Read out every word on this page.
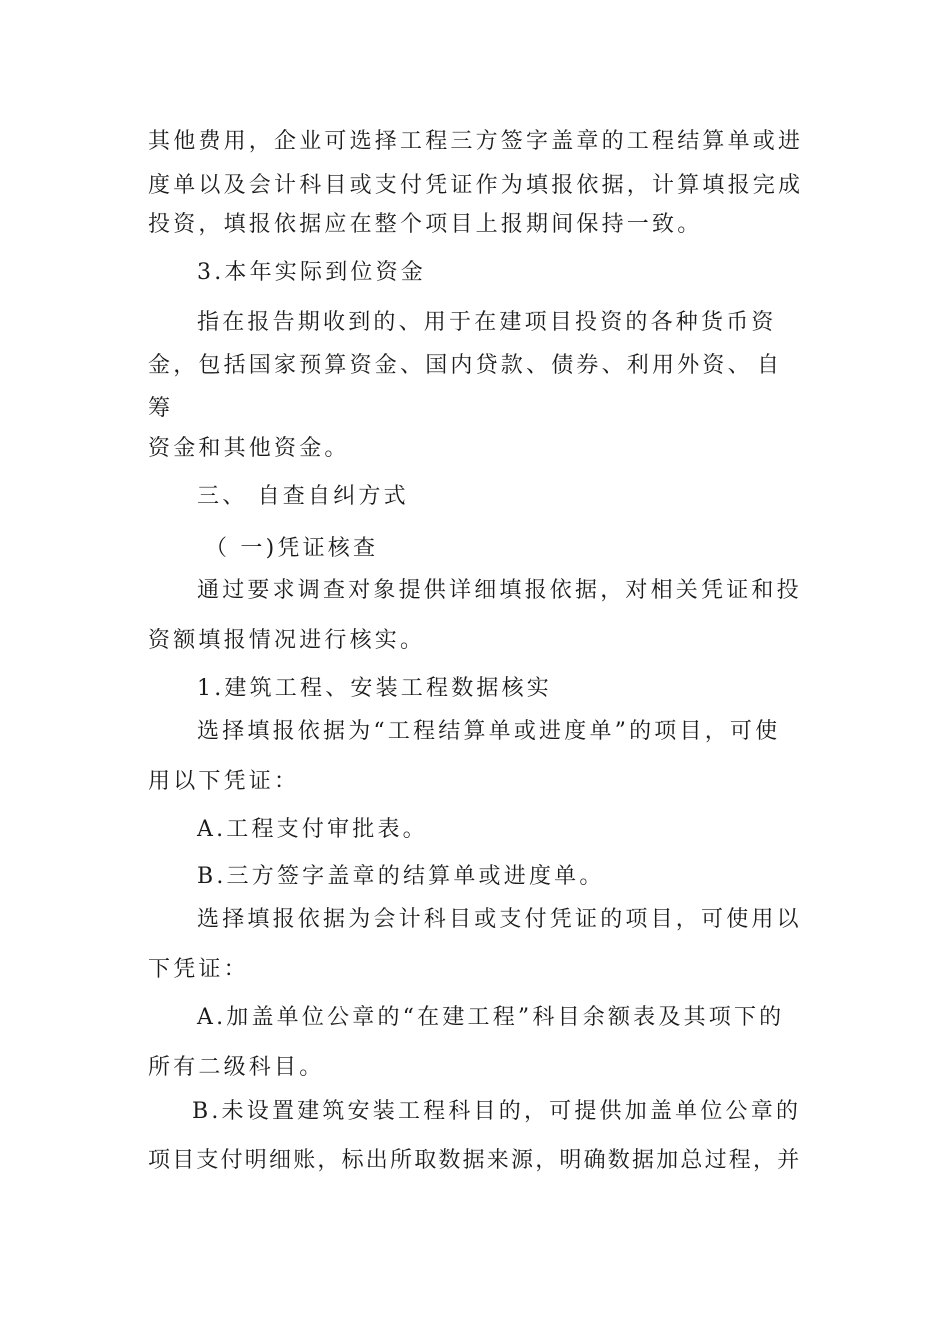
其他费用，企业可选择工程三方签字盖章的工程结算单或进
度单以及会计科目或支付凭证作为填报依据，计算填报完成
投资，填报依据应在整个项目上报期间保持一致。
3.本年实际到位资金
指在报告期收到的、用于在建项目投资的各种货币资
金，包括国家预算资金、国内贷款、债券、利用外资、 自
筹
资金和其他资金。
三、 自查自纠方式
（ 一)凭证核查
通过要求调查对象提供详细填报依据，对相关凭证和投
资额填报情况进行核实。
1.建筑工程、安装工程数据核实
选择填报依据为“工程结算单或进度单”的项目，可使
用以下凭证：
A.工程支付审批表。
B.三方签字盖章的结算单或进度单。
选择填报依据为会计科目或支付凭证的项目，可使用以
下凭证：
A.加盖单位公章的“在建工程”科目余额表及其项下的
所有二级科目。
B.未设置建筑安装工程科目的，可提供加盖单位公章的
项目支付明细账，标出所取数据来源，明确数据加总过程，并
